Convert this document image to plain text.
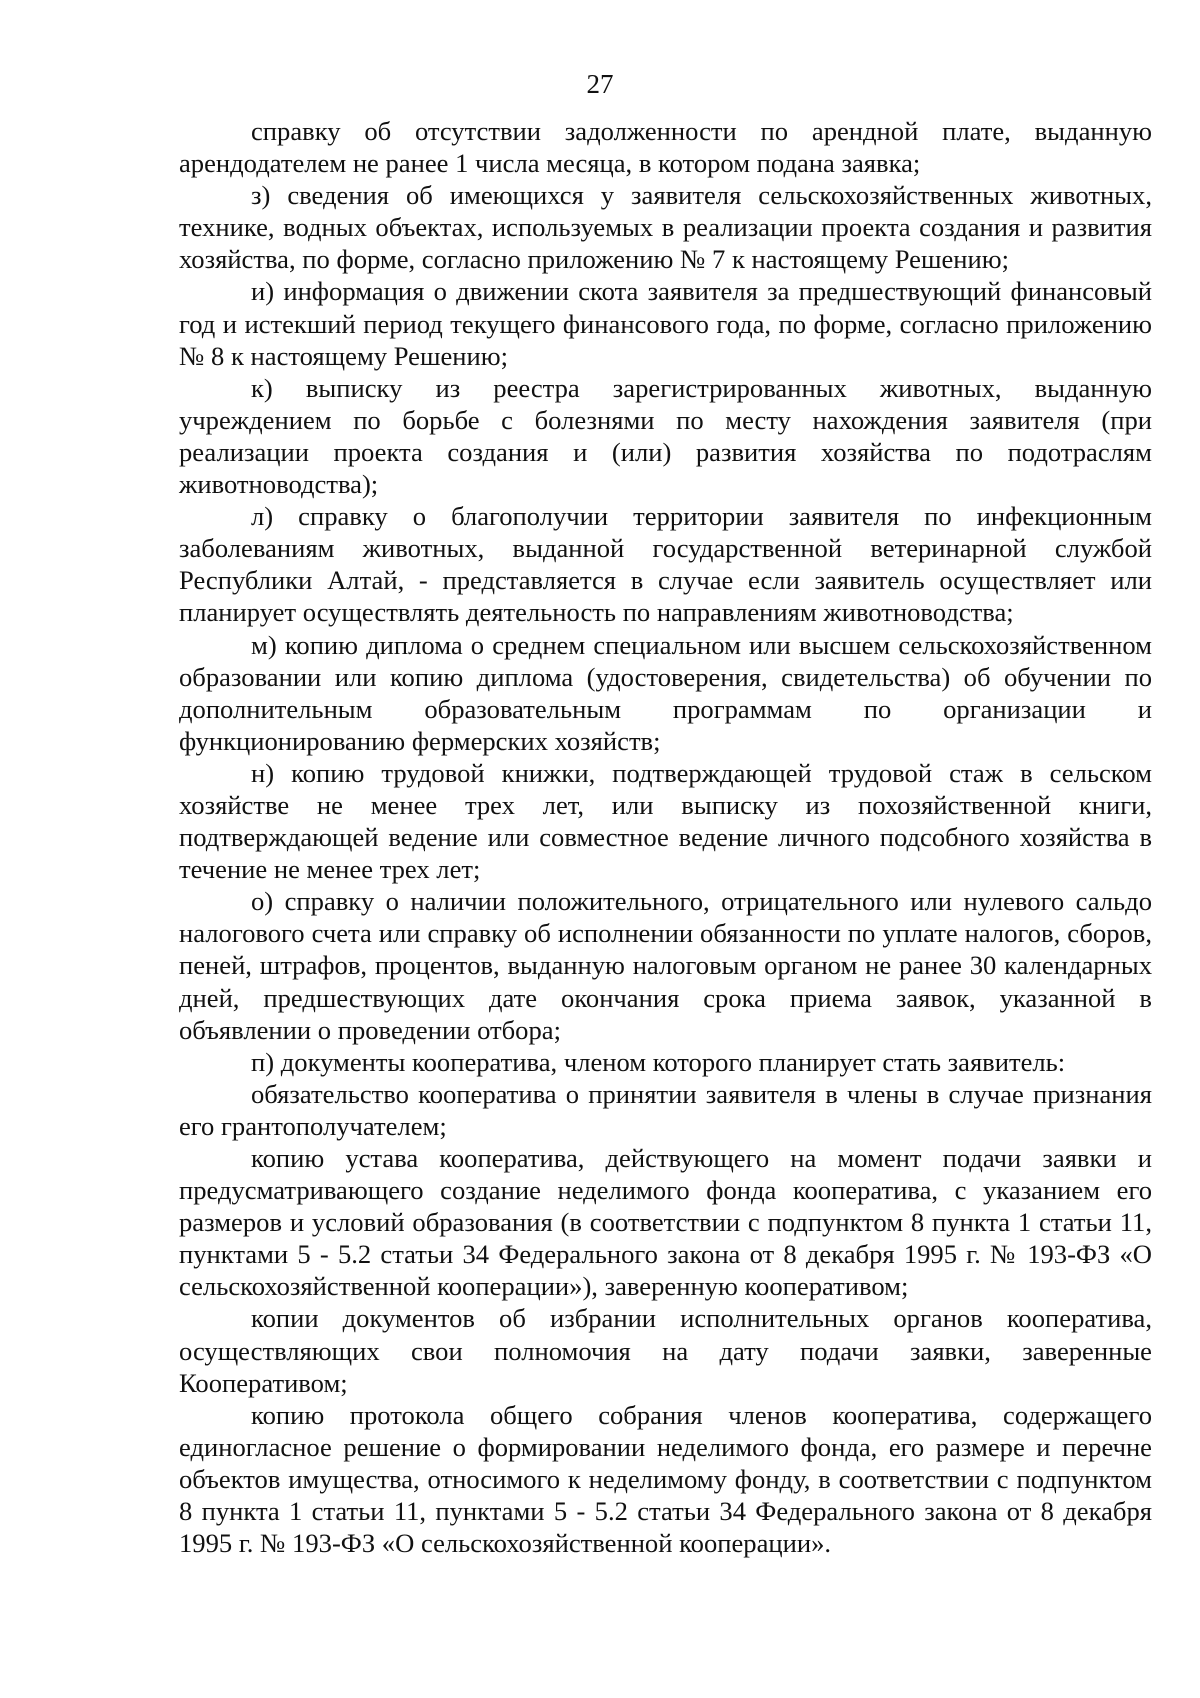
27

справку об отсутствии задолженности по арендной плате, выданную арендодателем не ранее 1 числа месяца, в котором подана заявка;

з) сведения об имеющихся у заявителя сельскохозяйственных животных, технике, водных объектах, используемых в реализации проекта создания и развития хозяйства, по форме, согласно приложению № 7 к настоящему Решению;

и) информация о движении скота заявителя за предшествующий финансовый год и истекший период текущего финансового года, по форме, согласно приложению № 8 к настоящему Решению;

к) выписку из реестра зарегистрированных животных, выданную учреждением по борьбе с болезнями по месту нахождения заявителя (при реализации проекта создания и (или) развития хозяйства по подотраслям животноводства);

л) справку о благополучии территории заявителя по инфекционным заболеваниям животных, выданной государственной ветеринарной службой Республики Алтай, - представляется в случае если заявитель осуществляет или планирует осуществлять деятельность по направлениям животноводства;

м) копию диплома о среднем специальном или высшем сельскохозяйственном образовании или копию диплома (удостоверения, свидетельства) об обучении по дополнительным образовательным программам по организации и функционированию фермерских хозяйств;

н) копию трудовой книжки, подтверждающей трудовой стаж в сельском хозяйстве не менее трех лет, или выписку из похозяйственной книги, подтверждающей ведение или совместное ведение личного подсобного хозяйства в течение не менее трех лет;

о) справку о наличии положительного, отрицательного или нулевого сальдо налогового счета или справку об исполнении обязанности по уплате налогов, сборов, пеней, штрафов, процентов, выданную налоговым органом не ранее 30 календарных дней, предшествующих дате окончания срока приема заявок, указанной в объявлении о проведении отбора;

п) документы кооператива, членом которого планирует стать заявитель:

обязательство кооператива о принятии заявителя в члены в случае признания его грантополучателем;

копию устава кооператива, действующего на момент подачи заявки и предусматривающего создание неделимого фонда кооператива, с указанием его размеров и условий образования (в соответствии с подпунктом 8 пункта 1 статьи 11, пунктами 5 - 5.2 статьи 34 Федерального закона от 8 декабря 1995 г. № 193-ФЗ «О сельскохозяйственной кооперации»), заверенную кооперативом;

копии документов об избрании исполнительных органов кооператива, осуществляющих свои полномочия на дату подачи заявки, заверенные Кооперативом;

копию протокола общего собрания членов кооператива, содержащего единогласное решение о формировании неделимого фонда, его размере и перечне объектов имущества, относимого к неделимому фонду, в соответствии с подпунктом 8 пункта 1 статьи 11, пунктами 5 - 5.2 статьи 34 Федерального закона от 8 декабря 1995 г. № 193-ФЗ «О сельскохозяйственной кооперации».
